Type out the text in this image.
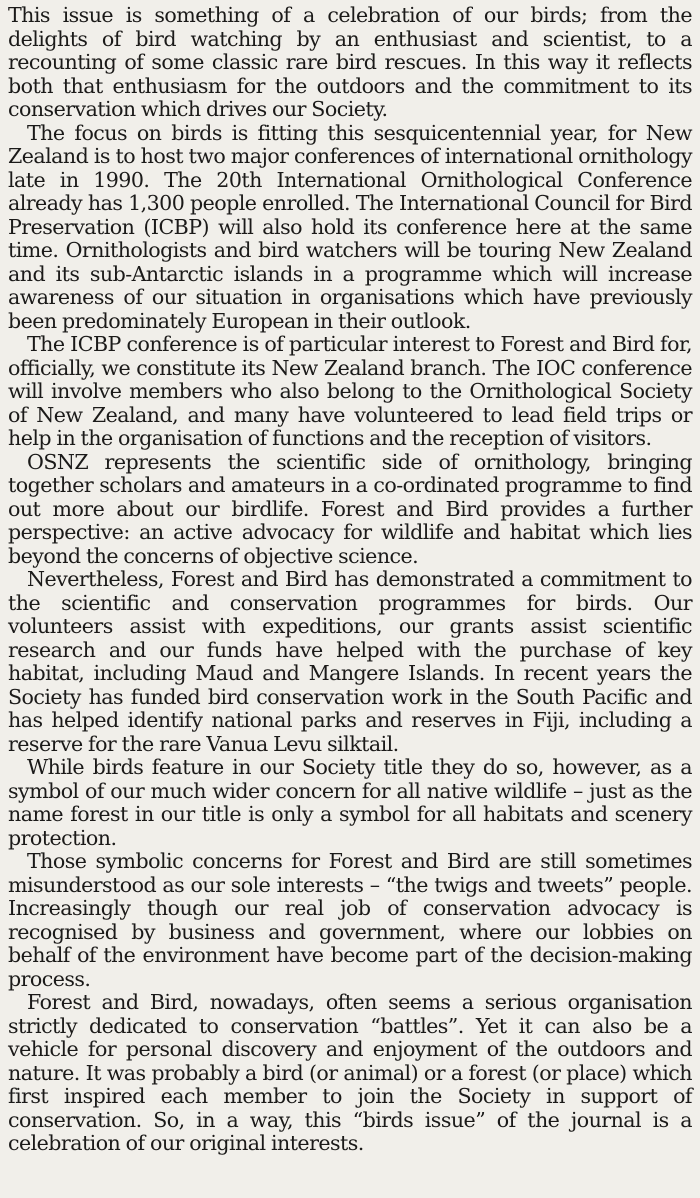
This issue is something of a celebration of our birds; from the delights of bird watching by an enthusiast and scientist, to a recounting of some classic rare bird rescues. In this way it reflects both that enthusiasm for the outdoors and the commitment to its conservation which drives our Society.

The focus on birds is fitting this sesquicentennial year, for New Zealand is to host two major conferences of international ornithology late in 1990. The 20th International Ornithological Conference already has 1,300 people enrolled. The International Council for Bird Preservation (ICBP) will also hold its conference here at the same time. Ornithologists and bird watchers will be touring New Zealand and its sub-Antarctic islands in a programme which will increase awareness of our situation in organisations which have previously been predominately European in their outlook.

The ICBP conference is of particular interest to Forest and Bird for, officially, we constitute its New Zealand branch. The IOC conference will involve members who also belong to the Ornithological Society of New Zealand, and many have volunteered to lead field trips or help in the organisation of functions and the reception of visitors.

OSNZ represents the scientific side of ornithology, bringing together scholars and amateurs in a co-ordinated programme to find out more about our birdlife. Forest and Bird provides a further perspective: an active advocacy for wildlife and habitat which lies beyond the concerns of objective science.

Nevertheless, Forest and Bird has demonstrated a commitment to the scientific and conservation programmes for birds. Our volunteers assist with expeditions, our grants assist scientific research and our funds have helped with the purchase of key habitat, including Maud and Mangere Islands. In recent years the Society has funded bird conservation work in the South Pacific and has helped identify national parks and reserves in Fiji, including a reserve for the rare Vanua Levu silktail.

While birds feature in our Society title they do so, however, as a symbol of our much wider concern for all native wildlife – just as the name forest in our title is only a symbol for all habitats and scenery protection.

Those symbolic concerns for Forest and Bird are still sometimes misunderstood as our sole interests – “the twigs and tweets” people. Increasingly though our real job of conservation advocacy is recognised by business and government, where our lobbies on behalf of the environment have become part of the decision-making process.

Forest and Bird, nowadays, often seems a serious organisation strictly dedicated to conservation “battles”. Yet it can also be a vehicle for personal discovery and enjoyment of the outdoors and nature. It was probably a bird (or animal) or a forest (or place) which first inspired each member to join the Society in support of conservation. So, in a way, this “birds issue” of the journal is a celebration of our original interests.
